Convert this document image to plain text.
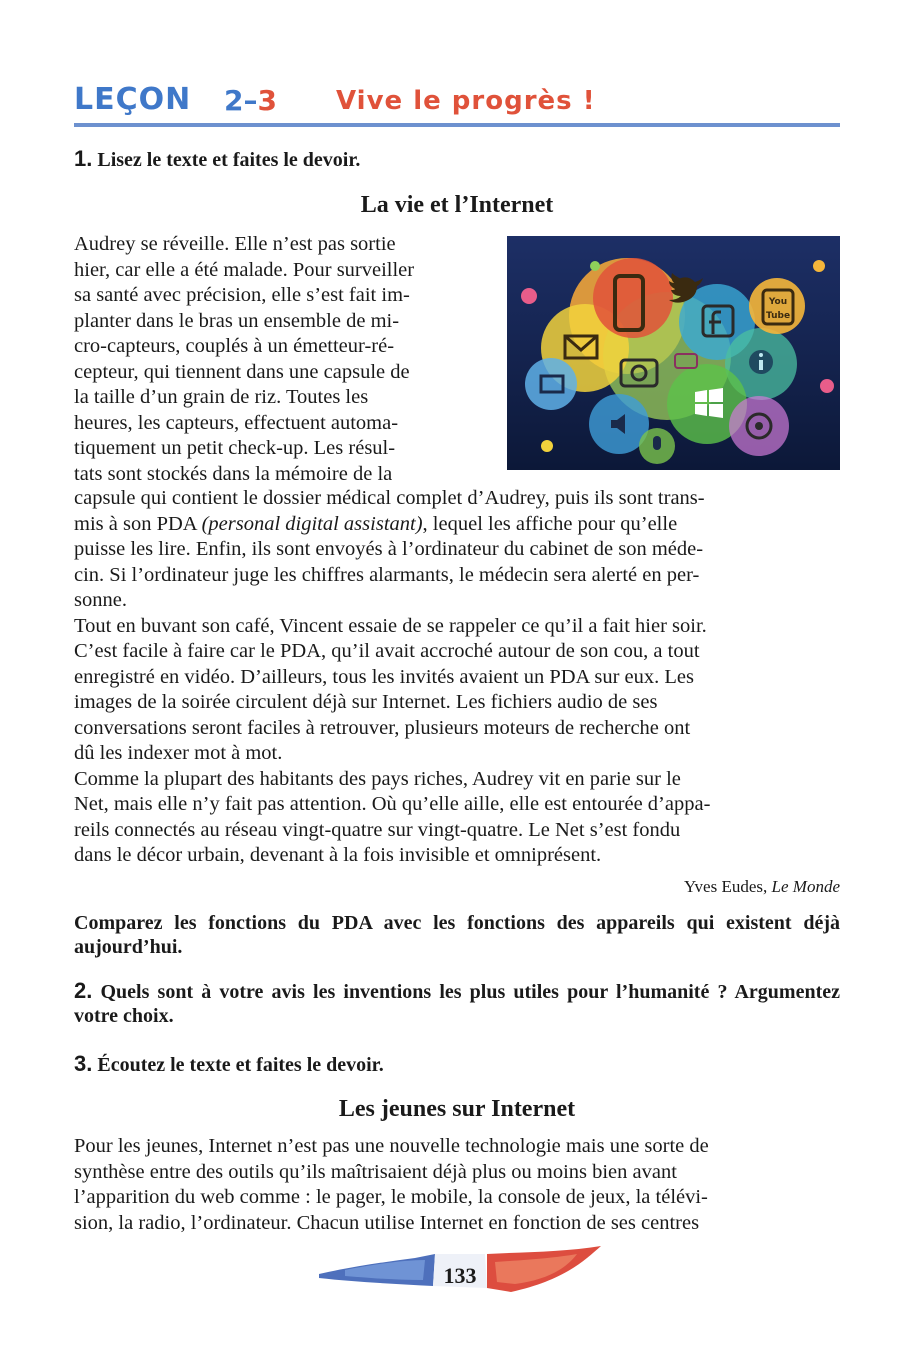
LEÇON 2–3 Vive le progrès !
1. Lisez le texte et faites le devoir.
La vie et l’Internet
Audrey se réveille. Elle n’est pas sortie
hier, car elle a été malade. Pour surveiller
sa santé avec précision, elle s’est fait im-
planter dans le bras un ensemble de mi-
cro-capteurs, couplés à un émetteur-ré-
cepteur, qui tiennent dans une capsule de
la taille d’un grain de riz. Toutes les
heures, les capteurs, effectuent automa-
tiquement un petit check-up. Les résul-
tats sont stockés dans la mémoire de la
You
Tube
capsule qui contient le dossier médical complet d’Audrey, puis ils sont trans-
mis à son PDA (personal digital assistant), lequel les affiche pour qu’elle
puisse les lire. Enfin, ils sont envoyés à l’ordinateur du cabinet de son méde-
cin. Si l’ordinateur juge les chiffres alarmants, le médecin sera alerté en per-
sonne.
Tout en buvant son café, Vincent essaie de se rappeler ce qu’il a fait hier soir.
C’est facile à faire car le PDA, qu’il avait accroché autour de son cou, a tout
enregistré en vidéo. D’ailleurs, tous les invités avaient un PDA sur eux. Les
images de la soirée circulent déjà sur Internet. Les fichiers audio de ses
conversations seront faciles à retrouver, plusieurs moteurs de recherche ont
dû les indexer mot à mot.
Comme la plupart des habitants des pays riches, Audrey vit en parie sur le
Net, mais elle n’y fait pas attention. Où qu’elle aille, elle est entourée d’appa-
reils connectés au réseau vingt-quatre sur vingt-quatre. Le Net s’est fondu
dans le décor urbain, devenant à la fois invisible et omniprésent.
Yves Eudes, Le Monde
Comparez les fonctions du PDA avec les fonctions des appareils qui existent déjà aujourd’hui.
2. Quels sont à votre avis les inventions les plus utiles pour l’humanité ? Argumentez votre choix.
3. Écoutez le texte et faites le devoir.
Les jeunes sur Internet
Pour les jeunes, Internet n’est pas une nouvelle technologie mais une sorte de
synthèse entre des outils qu’ils maîtrisaient déjà plus ou moins bien avant
l’apparition du web comme : le pager, le mobile, la console de jeux, la télévi-
sion, la radio, l’ordinateur. Chacun utilise Internet en fonction de ses centres
133
